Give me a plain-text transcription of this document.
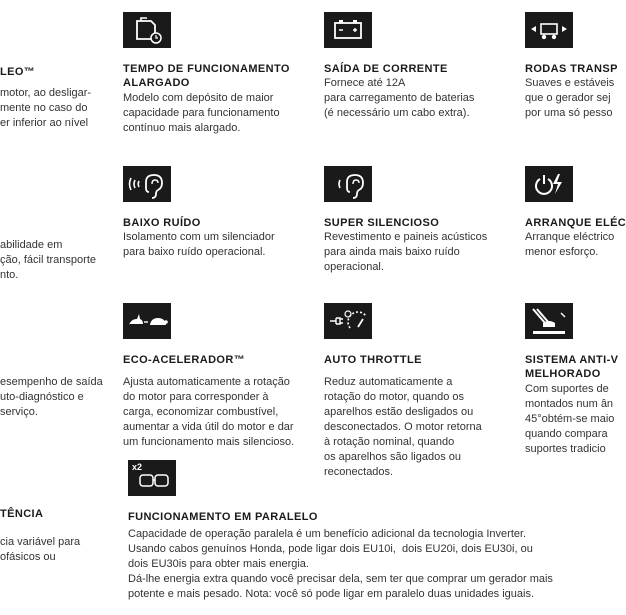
LEO™
motor, ao desligar-
mente no caso do
er inferior ao nível
abilidade em
ção, fácil transporte
nto.
esempenho de saída
uto-diagnóstico e
serviço.
TÊNCIA
cia variável para
ofásicos ou
TEMPO DE FUNCIONAMENTO
ALARGADO
Modelo com depósito de maior
capacidade para funcionamento
contínuo mais alargado.
SAÍDA DE CORRENTE
Fornece até 12A
para carregamento de baterias
(é necessário um cabo extra).
RODAS TRANSP
Suaves e estáveis
que o gerador sej
por uma só pesso
BAIXO RUÍDO
Isolamento com um silenciador
para baixo ruído operacional.
SUPER SILENCIOSO
Revestimento e paineis acústicos
para ainda mais baixo ruído
operacional.
ARRANQUE ELÉC
Arranque eléctrico
menor esforço.
ECO-ACELERADOR™
Ajusta automaticamente a rotação
do motor para corresponder à
carga, economizar combustível,
aumentar a vida útil do motor e dar
um funcionamento mais silencioso.
AUTO THROTTLE
Reduz automaticamente a
rotação do motor, quando os
aparelhos estão desligados ou
desconectados. O motor retorna
à rotação nominal, quando
os aparelhos são ligados ou
reconectados.
SISTEMA ANTI-V
MELHORADO
Com suportes de
montados num ân
45°obtém-se maio
quando compara
suportes tradicio
x2
FUNCIONAMENTO EM PARALELO
Capacidade de operação paralela é um benefício adicional da tecnologia Inverter.
Usando cabos genuínos Honda, pode ligar dois EU10i,  dois EU20i, dois EU30i, ou
dois EU30is para obter mais energia.
Dá-lhe energia extra quando você precisar dela, sem ter que comprar um gerador mais
potente e mais pesado. Nota: você só pode ligar em paralelo duas unidades iguais.
